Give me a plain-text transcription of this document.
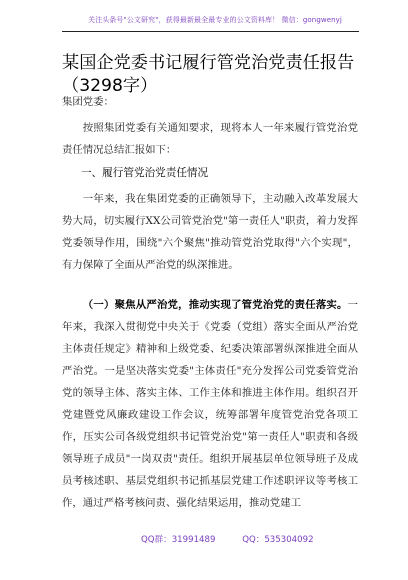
关注头条号"公文研究"，获得最新最全最专业的公文资料库！ 微信：gongwenyj
某国企党委书记履行管党治党责任报告（3298字）
集团党委：
按照集团党委有关通知要求，现将本人一年来履行管党治党责任情况总结汇报如下：
一、履行管党治党责任情况
一年来，我在集团党委的正确领导下，主动融入改革发展大势大局，切实履行XX公司管党治党"第一责任人"职责，着力发挥党委领导作用，围绕"六个聚焦"推动管党治党取得"六个实现"，有力保障了全面从严治党的纵深推进。
（一）聚焦从严治党，推动实现了管党治党的责任落实。一年来，我深入贯彻党中央关于《党委（党组）落实全面从严治党主体责任规定》精神和上级党委、纪委决策部署纵深推进全面从严治党。一是坚决落实党委"主体责任"充分发挥公司党委管党治党的领导主体、落实主体、工作主体和推进主体作用。组织召开党建暨党风廉政建设工作会议，统筹部署年度管党治党各项工作，压实公司各级党组织书记管党治党"第一责任人"职责和各级领导班子成员"一岗双责"责任。组织开展基层单位领导班子及成员考核述职、基层党组织书记抓基层党建工作述职评议等考核工作，通过严格考核问责、强化结果运用，推动党建工
QQ群：31991489	QQ：535304092
